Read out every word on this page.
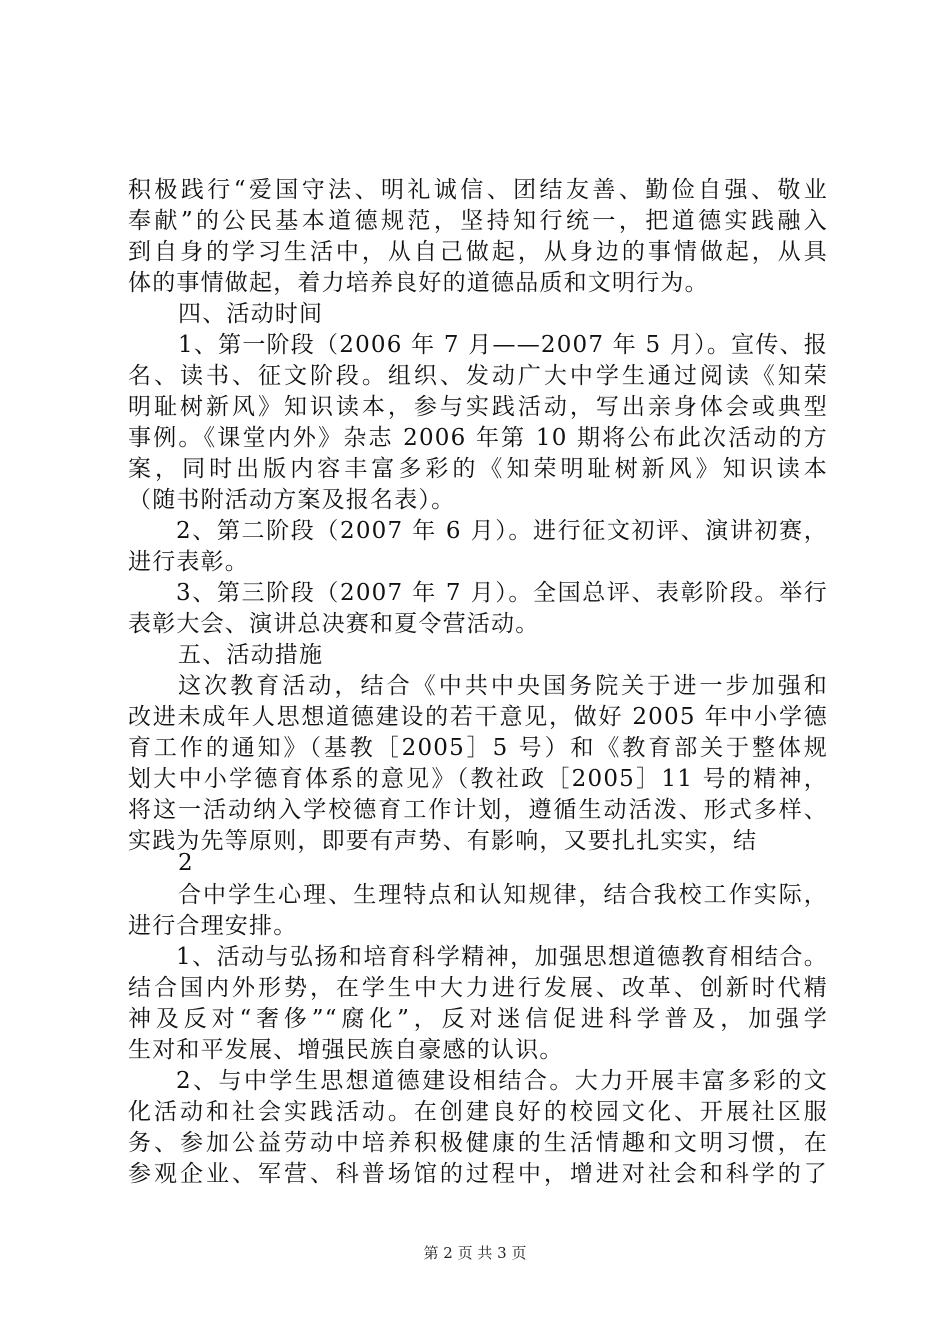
积极践行“爱国守法、明礼诚信、团结友善、勤俭自强、敬业
奉献”的公民基本道德规范，坚持知行统一，把道德实践融入
到自身的学习生活中，从自己做起，从身边的事情做起，从具
体的事情做起，着力培养良好的道德品质和文明行为。
四、活动时间
1、第一阶段（2006 年 7 月——2007 年 5 月）。宣传、报
名、读书、征文阶段。组织、发动广大中学生通过阅读《知荣
明耻树新风》知识读本，参与实践活动，写出亲身体会或典型
事例。《课堂内外》杂志 2006 年第 10 期将公布此次活动的方
案，同时出版内容丰富多彩的《知荣明耻树新风》知识读本
（随书附活动方案及报名表）。
2、第二阶段（2007 年 6 月）。进行征文初评、演讲初赛，
进行表彰。
3、第三阶段（2007 年 7 月）。全国总评、表彰阶段。举行
表彰大会、演讲总决赛和夏令营活动。
五、活动措施
这次教育活动，结合《中共中央国务院关于进一步加强和
改进未成年人思想道德建设的若干意见，做好 2005 年中小学德
育工作的通知》（基教［2005］5 号）和《教育部关于整体规
划大中小学德育体系的意见》（教社政［2005］11 号的精神，
将这一活动纳入学校德育工作计划，遵循生动活泼、形式多样、
实践为先等原则，即要有声势、有影响，又要扎扎实实，结
2
合中学生心理、生理特点和认知规律，结合我校工作实际，
进行合理安排。
1、活动与弘扬和培育科学精神，加强思想道德教育相结合。
结合国内外形势，在学生中大力进行发展、改革、创新时代精
神及反对“奢侈”“腐化”，反对迷信促进科学普及，加强学
生对和平发展、增强民族自豪感的认识。
2、与中学生思想道德建设相结合。大力开展丰富多彩的文
化活动和社会实践活动。在创建良好的校园文化、开展社区服
务、参加公益劳动中培养积极健康的生活情趣和文明习惯，在
参观企业、军营、科普场馆的过程中，增进对社会和科学的了
第 2 页 共 3 页
